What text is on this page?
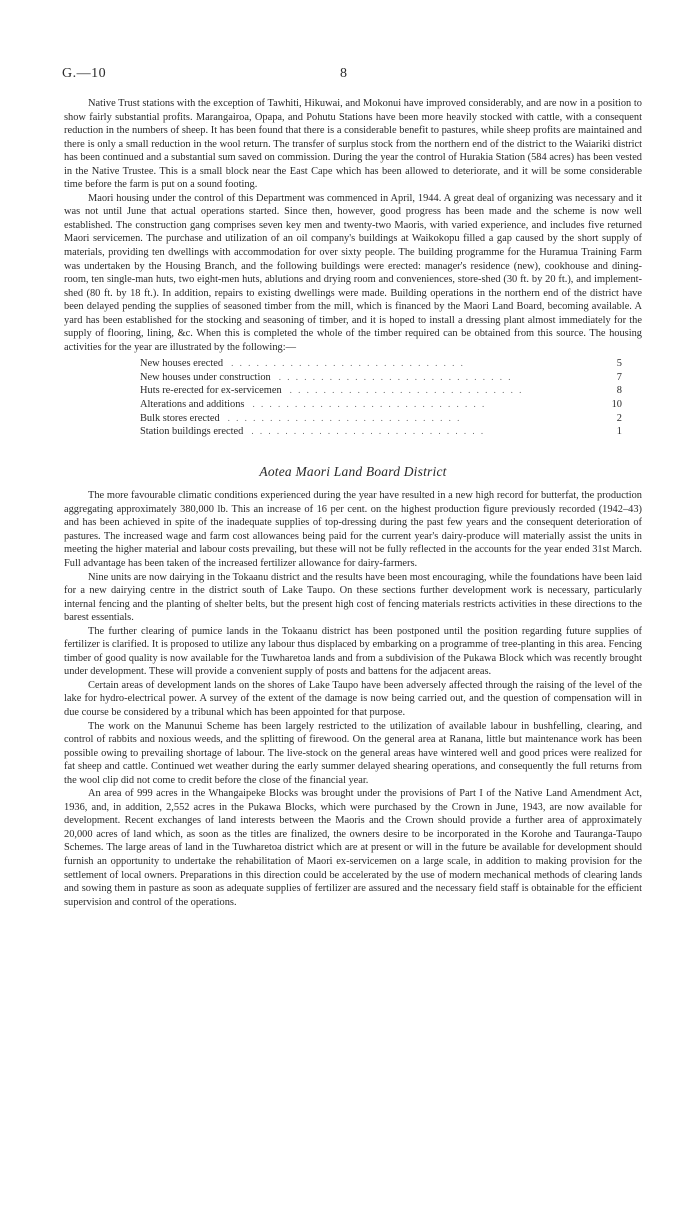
G.—10	8

Native Trust stations with the exception of Tawhiti, Hikuwai, and Mokonui have improved considerably, and are now in a position to show fairly substantial profits. Marangairoa, Opapa, and Pohutu Stations have been more heavily stocked with cattle, with a consequent reduction in the numbers of sheep. It has been found that there is a considerable benefit to pastures, while sheep profits are maintained and there is only a small reduction in the wool return. The transfer of surplus stock from the northern end of the district to the Waiariki district has been continued and a substantial sum saved on commission. During the year the control of Hurakia Station (584 acres) has been vested in the Native Trustee. This is a small block near the East Cape which has been allowed to deteriorate, and it will be some considerable time before the farm is put on a sound footing.

Maori housing under the control of this Department was commenced in April, 1944. A great deal of organizing was necessary and it was not until June that actual operations started. Since then, however, good progress has been made and the scheme is now well established. The construction gang comprises seven key men and twenty-two Maoris, with varied experience, and includes five returned Maori servicemen. The purchase and utilization of an oil company's buildings at Waikokopu filled a gap caused by the short supply of materials, providing ten dwellings with accommodation for over sixty people. The building programme for the Huramua Training Farm was undertaken by the Housing Branch, and the following buildings were erected: manager's residence (new), cookhouse and dining-room, ten single-man huts, two eight-men huts, ablutions and drying room and conveniences, store-shed (30 ft. by 20 ft.), and implement-shed (80 ft. by 18 ft.). In addition, repairs to existing dwellings were made. Building operations in the northern end of the district have been delayed pending the supplies of seasoned timber from the mill, which is financed by the Maori Land Board, becoming available. A yard has been established for the stocking and seasoning of timber, and it is hoped to install a dressing plant almost immediately for the supply of flooring, lining, &c. When this is completed the whole of the timber required can be obtained from this source. The housing activities for the year are illustrated by the following:—

New houses erected . . . . . . . . . . . . . . . . . . . . . . . . . . . .	5
New houses under construction . . . . . . . . . . . . . . . . . . . . . . . . . . . .	7
Huts re-erected for ex-servicemen . . . . . . . . . . . . . . . . . . . . . . . . . . . .	8
Alterations and additions . . . . . . . . . . . . . . . . . . . . . . . . . . . .	10
Bulk stores erected . . . . . . . . . . . . . . . . . . . . . . . . . . . .	2
Station buildings erected . . . . . . . . . . . . . . . . . . . . . . . . . . . .	1
Aotea Maori Land Board District

The more favourable climatic conditions experienced during the year have resulted in a new high record for butterfat, the production aggregating approximately 380,000 lb. This an increase of 16 per cent. on the highest production figure previously recorded (1942–43) and has been achieved in spite of the inadequate supplies of top-dressing during the past few years and the consequent deterioration of pastures. The increased wage and farm cost allowances being paid for the current year's dairy-produce will materially assist the units in meeting the higher material and labour costs prevailing, but these will not be fully reflected in the accounts for the year ended 31st March. Full advantage has been taken of the increased fertilizer allowance for dairy-farmers.

Nine units are now dairying in the Tokaanu district and the results have been most encouraging, while the foundations have been laid for a new dairying centre in the district south of Lake Taupo. On these sections further development work is necessary, particularly internal fencing and the planting of shelter belts, but the present high cost of fencing materials restricts activities in these directions to the barest essentials.

The further clearing of pumice lands in the Tokaanu district has been postponed until the position regarding future supplies of fertilizer is clarified. It is proposed to utilize any labour thus displaced by embarking on a programme of tree-planting in this area. Fencing timber of good quality is now available for the Tuwharetoa lands and from a subdivision of the Pukawa Block which was recently brought under development. These will provide a convenient supply of posts and battens for the adjacent areas.

Certain areas of development lands on the shores of Lake Taupo have been adversely affected through the raising of the level of the lake for hydro-electrical power. A survey of the extent of the damage is now being carried out, and the question of compensation will in due course be considered by a tribunal which has been appointed for that purpose.

The work on the Manunui Scheme has been largely restricted to the utilization of available labour in bushfelling, clearing, and control of rabbits and noxious weeds, and the splitting of firewood. On the general area at Ranana, little but maintenance work has been possible owing to prevailing shortage of labour. The live-stock on the general areas have wintered well and good prices were realized for fat sheep and cattle. Continued wet weather during the early summer delayed shearing operations, and consequently the full returns from the wool clip did not come to credit before the close of the financial year.

An area of 999 acres in the Whangaipeke Blocks was brought under the provisions of Part I of the Native Land Amendment Act, 1936, and, in addition, 2,552 acres in the Pukawa Blocks, which were purchased by the Crown in June, 1943, are now available for development. Recent exchanges of land interests between the Maoris and the Crown should provide a further area of approximately 20,000 acres of land which, as soon as the titles are finalized, the owners desire to be incorporated in the Korohe and Tauranga-Taupo Schemes. The large areas of land in the Tuwharetoa district which are at present or will in the future be available for development should furnish an opportunity to undertake the rehabilitation of Maori ex-servicemen on a large scale, in addition to making provision for the settlement of local owners. Preparations in this direction could be accelerated by the use of modern mechanical methods of clearing lands and sowing them in pasture as soon as adequate supplies of fertilizer are assured and the necessary field staff is obtainable for the efficient supervision and control of the operations.
